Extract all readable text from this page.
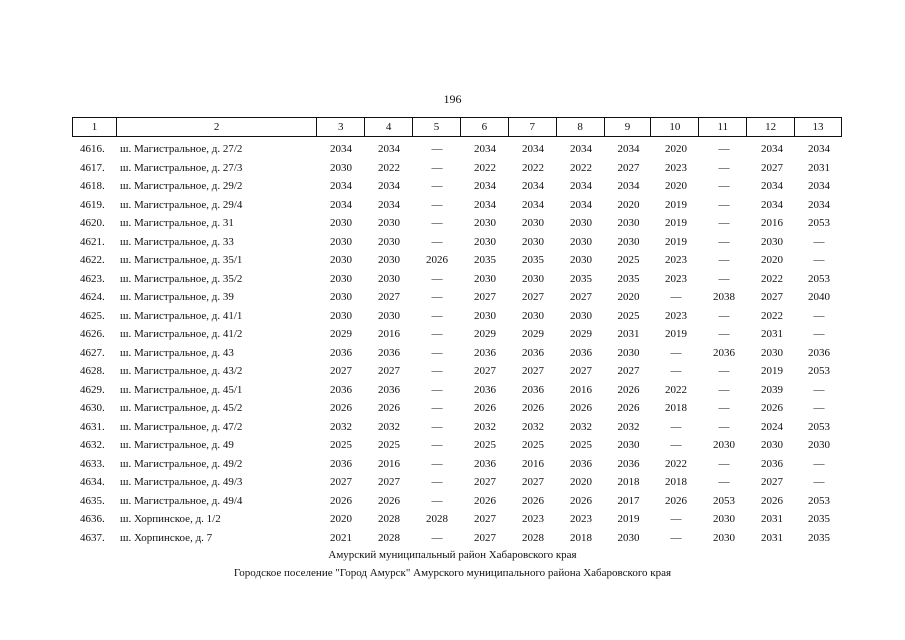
196
1	2	3	4	5	6	7	8	9	10	11	12	13
4616.	ш. Магистральное, д. 27/2	2034	2034	—	2034	2034	2034	2034	2020	—	2034	2034
4617.	ш. Магистральное, д. 27/3	2030	2022	—	2022	2022	2022	2027	2023	—	2027	2031
4618.	ш. Магистральное, д. 29/2	2034	2034	—	2034	2034	2034	2034	2020	—	2034	2034
4619.	ш. Магистральное, д. 29/4	2034	2034	—	2034	2034	2034	2020	2019	—	2034	2034
4620.	ш. Магистральное, д. 31	2030	2030	—	2030	2030	2030	2030	2019	—	2016	2053
4621.	ш. Магистральное, д. 33	2030	2030	—	2030	2030	2030	2030	2019	—	2030	—
4622.	ш. Магистральное, д. 35/1	2030	2030	2026	2035	2035	2030	2025	2023	—	2020	—
4623.	ш. Магистральное, д. 35/2	2030	2030	—	2030	2030	2035	2035	2023	—	2022	2053
4624.	ш. Магистральное, д. 39	2030	2027	—	2027	2027	2027	2020	—	2038	2027	2040
4625.	ш. Магистральное, д. 41/1	2030	2030	—	2030	2030	2030	2025	2023	—	2022	—
4626.	ш. Магистральное, д. 41/2	2029	2016	—	2029	2029	2029	2031	2019	—	2031	—
4627.	ш. Магистральное, д. 43	2036	2036	—	2036	2036	2036	2030	—	2036	2030	2036
4628.	ш. Магистральное, д. 43/2	2027	2027	—	2027	2027	2027	2027	—	—	2019	2053
4629.	ш. Магистральное, д. 45/1	2036	2036	—	2036	2036	2016	2026	2022	—	2039	—
4630.	ш. Магистральное, д. 45/2	2026	2026	—	2026	2026	2026	2026	2018	—	2026	—
4631.	ш. Магистральное, д. 47/2	2032	2032	—	2032	2032	2032	2032	—	—	2024	2053
4632.	ш. Магистральное, д. 49	2025	2025	—	2025	2025	2025	2030	—	2030	2030	2030
4633.	ш. Магистральное, д. 49/2	2036	2016	—	2036	2016	2036	2036	2022	—	2036	—
4634.	ш. Магистральное, д. 49/3	2027	2027	—	2027	2027	2020	2018	2018	—	2027	—
4635.	ш. Магистральное, д. 49/4	2026	2026	—	2026	2026	2026	2017	2026	2053	2026	2053
4636.	ш. Хорпинское, д. 1/2	2020	2028	2028	2027	2023	2023	2019	—	2030	2031	2035
4637.	ш. Хорпинское, д. 7	2021	2028	—	2027	2028	2018	2030	—	2030	2031	2035
Амурский муниципальный район Хабаровского края
Городское поселение "Город Амурск" Амурского муниципального района Хабаровского края
